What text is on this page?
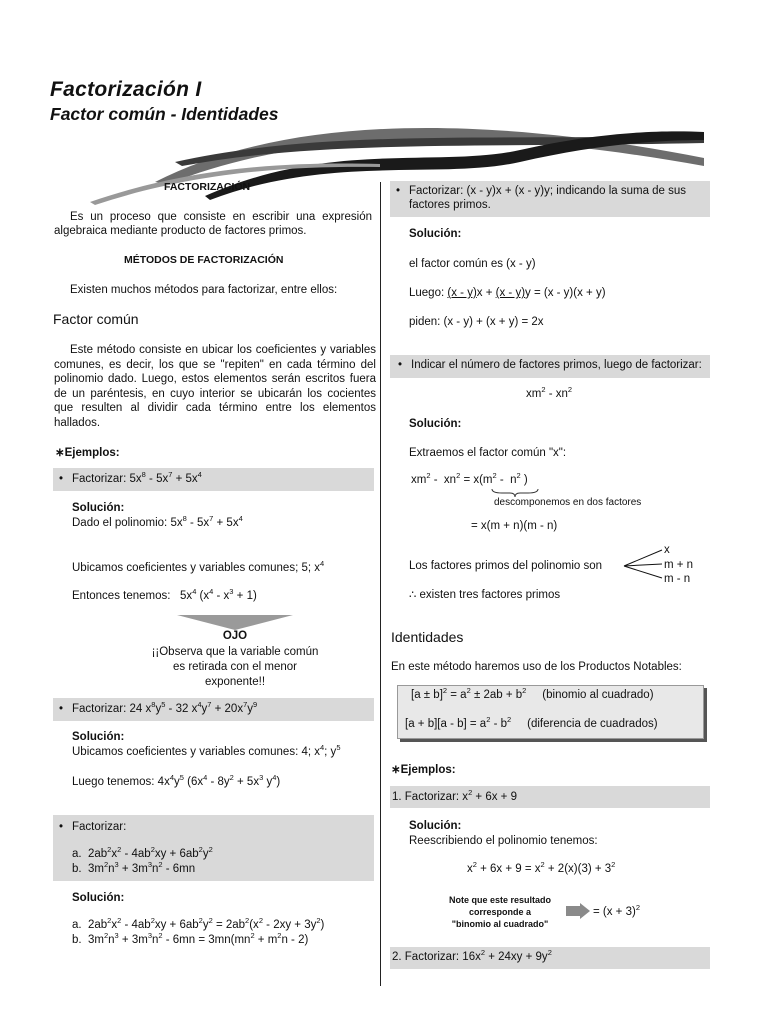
Factorización I
Factor común - Identidades
FACTORIZACIÓN
Es un proceso que consiste en escribir una expresión algebraica mediante producto de factores primos.
MÉTODOS DE FACTORIZACIÓN
Existen muchos métodos para factorizar, entre ellos:
Factor común
Este método consiste en ubicar los coeficientes y variables comunes, es decir, los que se "repiten" en cada término del polinomio dado. Luego, estos elementos serán escritos fuera de un paréntesis, en cuyo interior se ubicarán los cocientes que resulten al dividir cada término entre los elementos hallados.
∗Ejemplos:
• Factorizar: $5x^8 - 5x^7 + 5x^4$
Solución:
Dado el polinomio: $5x^8 - 5x^7 + 5x^4$
Ubicamos coeficientes y variables comunes; 5; $x^4$
Entonces tenemos:   $5x^4$ $(x^4 - x^3 + 1)$
OJO
¡¡Observa que la variable común
es retirada con el menor
exponente!!
• Factorizar: 24 $x^8y^5 - 32$ $x^4y^7 + 20x^7y^9$
Solución:
Ubicamos coeficientes y variables comunes: 4; $x^4$; $y^5$
Luego tenemos: $4x^4y^5$ ($6x^4 - 8y^2 + 5x^3$ $y^4$)
• Factorizar:
a.  $2ab^2x^2 - 4ab^2xy + 6ab^2y^2$
b.  $3m^2n^3 + 3m^3n^2 - 6mn$
Solución:
a.  $2ab^2x^2 - 4ab^2xy + 6ab^2y^2 = 2ab^2(x^2 - 2xy + 3y^2)$
b.  $3m^2n^3 + 3m^3n^2 - 6mn = 3mn(mn^2 + m^2n - 2)$
• Factorizar: (x - y)x + (x - y)y; indicando la suma de sus factores primos.
Solución:
el factor común es (x - y)
Luego: (x - y)x + (x - y)y = (x - y)(x + y)
piden: (x - y) + (x + y) = 2x
• Indicar el número de factores primos, luego de factorizar:
$xm^2 - xn^2$
Solución:
Extraemos el factor común "x":
$xm^2 - xn^2 = x(m^2 - n^2$ )
descomponemos en dos factores
= x(m + n)(m - n)
Los factores primos del polinomio son
x
m + n
m - n
∴ existen tres factores primos
Identidades
En este método haremos uso de los Productos Notables:
$[a \pm b]^2 = a^2 \pm 2ab + b^2$ (binomio al cuadrado)
$[a + b][a - b] = a^2 - b^2$ (diferencia de cuadrados)
∗Ejemplos:
1. Factorizar: $x^2 + 6x + 9$
Solución:
Reescribiendo el polinomio tenemos:
$x^2 + 6x + 9 = x^2 + 2(x)(3) + 3^2$
Note que este resultado
corresponde a
"binomio al cuadrado"
= $(x + 3)^2$
2. Factorizar: $16x^2 + 24xy + 9y^2$
